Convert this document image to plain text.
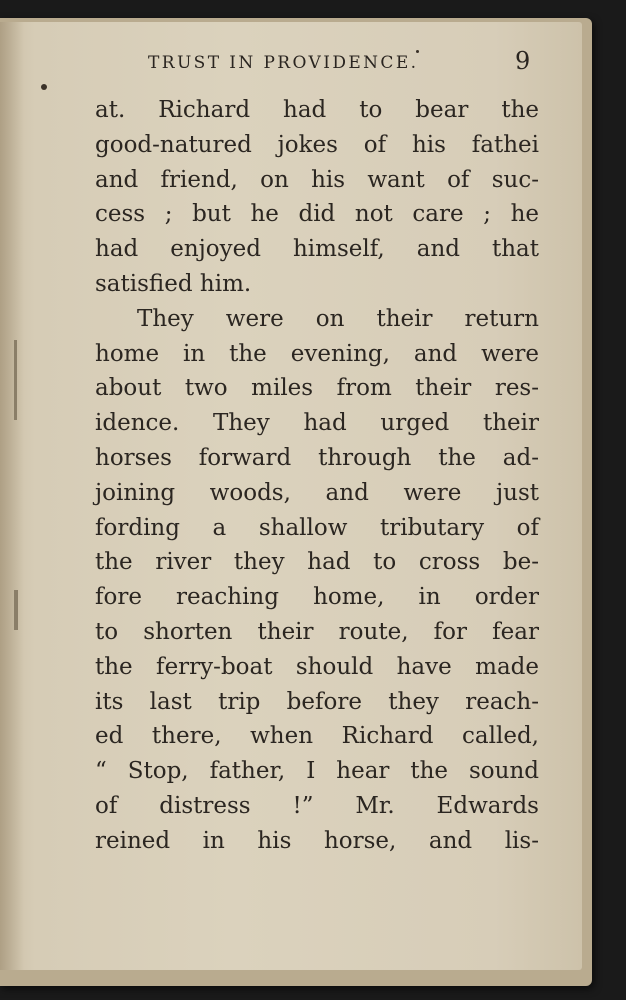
TRUST IN PROVIDENCE.	9
at. Richard had to bear the
good-natured jokes of his fathei
and friend, on his want of suc-
cess ; but he did not care ; he
had enjoyed himself, and that
satisfied him.
They were on their return
home in the evening, and were
about two miles from their res-
idence. They had urged their
horses forward through the ad-
joining woods, and were just
fording a shallow tributary of
the river they had to cross be-
fore reaching home, in order
to shorten their route, for fear
the ferry-boat should have made
its last trip before they reach-
ed there, when Richard called,
“ Stop, father, I hear the sound
of distress !” Mr. Edwards
reined in his horse, and lis-
